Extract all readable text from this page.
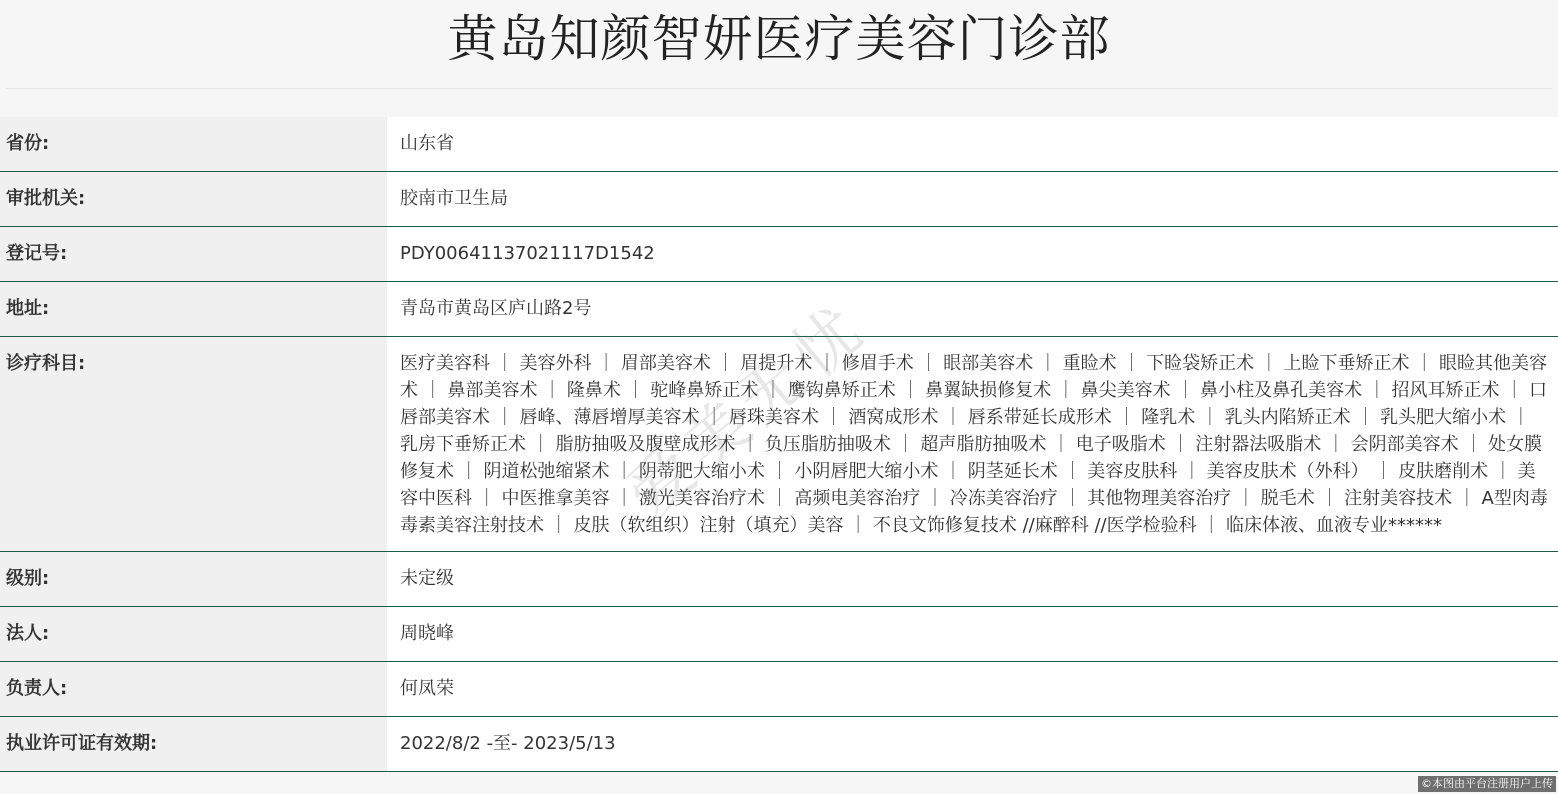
黄岛知颜智妍医疗美容门诊部
省份:	山东省
审批机关:	胶南市卫生局
登记号:	PDY00641137021117D1542
地址:	青岛市黄岛区庐山路2号
诊疗科目:	医疗美容科 ｜ 美容外科 ｜ 眉部美容术 ｜ 眉提升术 ｜ 修眉手术 ｜ 眼部美容术 ｜ 重睑术 ｜ 下睑袋矫正术 ｜ 上睑下垂矫正术 ｜ 眼睑其他美容术 ｜ 鼻部美容术 ｜ 隆鼻术 ｜ 驼峰鼻矫正术 ｜ 鹰钩鼻矫正术 ｜ 鼻翼缺损修复术 ｜ 鼻尖美容术 ｜ 鼻小柱及鼻孔美容术 ｜ 招风耳矫正术 ｜ 口唇部美容术 ｜ 唇峰、薄唇增厚美容术 ｜ 唇珠美容术 ｜ 酒窝成形术 ｜ 唇系带延长成形术 ｜ 隆乳术 ｜ 乳头内陷矫正术 ｜ 乳头肥大缩小术 ｜ 乳房下垂矫正术 ｜ 脂肪抽吸及腹壁成形术 ｜ 负压脂肪抽吸术 ｜ 超声脂肪抽吸术 ｜ 电子吸脂术 ｜ 注射器法吸脂术 ｜ 会阴部美容术 ｜ 处女膜修复术 ｜ 阴道松弛缩紧术 ｜ 阴蒂肥大缩小术 ｜ 小阴唇肥大缩小术 ｜ 阴茎延长术 ｜ 美容皮肤科 ｜ 美容皮肤术（外科） ｜ 皮肤磨削术 ｜ 美容中医科 ｜ 中医推拿美容 ｜ 激光美容治疗术 ｜ 高频电美容治疗 ｜ 冷冻美容治疗 ｜ 其他物理美容治疗 ｜ 脱毛术 ｜ 注射美容技术 ｜ A型肉毒毒素美容注射技术 ｜ 皮肤（软组织）注射（填充）美容 ｜ 不良文饰修复技术 //麻醉科 //医学检验科 ｜ 临床体液、血液专业******
级别:	未定级
法人:	周晓峰
负责人:	何凤荣
执业许可证有效期:	2022/8/2 -至- 2023/5/13
©本图由平台注册用户上传
